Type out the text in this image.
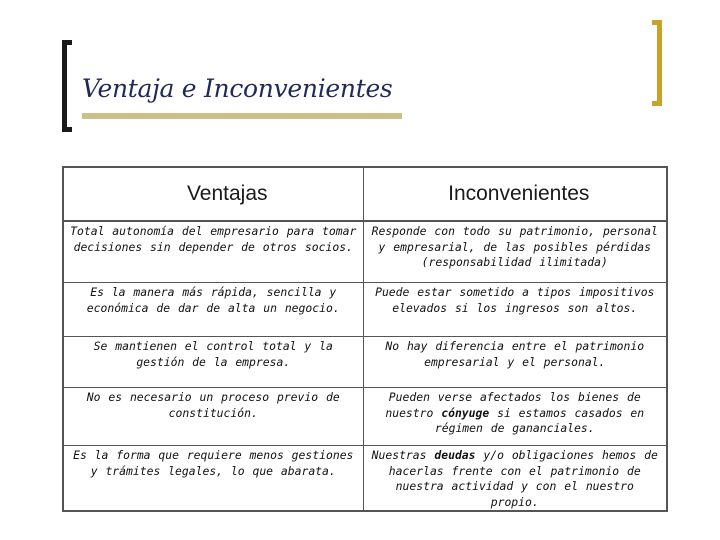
Ventaja e Inconvenientes
Ventajas	Inconvenientes
Total autonomía del empresario para tomar decisiones sin depender de otros socios.	Responde con todo su patrimonio, personal y empresarial, de las posibles pérdidas (responsabilidad ilimitada)
Es la manera más rápida, sencilla y económica de dar de alta un negocio.	Puede estar sometido a tipos impositivos elevados si los ingresos son altos.
Se mantienen el control total y la gestión de la empresa.	No hay diferencia entre el patrimonio empresarial y el personal.
No es necesario un proceso previo de constitución.	Pueden verse afectados los bienes de nuestro cónyuge si estamos casados en régimen de gananciales.
Es la forma que requiere menos gestiones y trámites legales, lo que abarata.	Nuestras deudas y/o obligaciones hemos de hacerlas frente con el patrimonio de nuestra actividad y con el nuestro propio.
